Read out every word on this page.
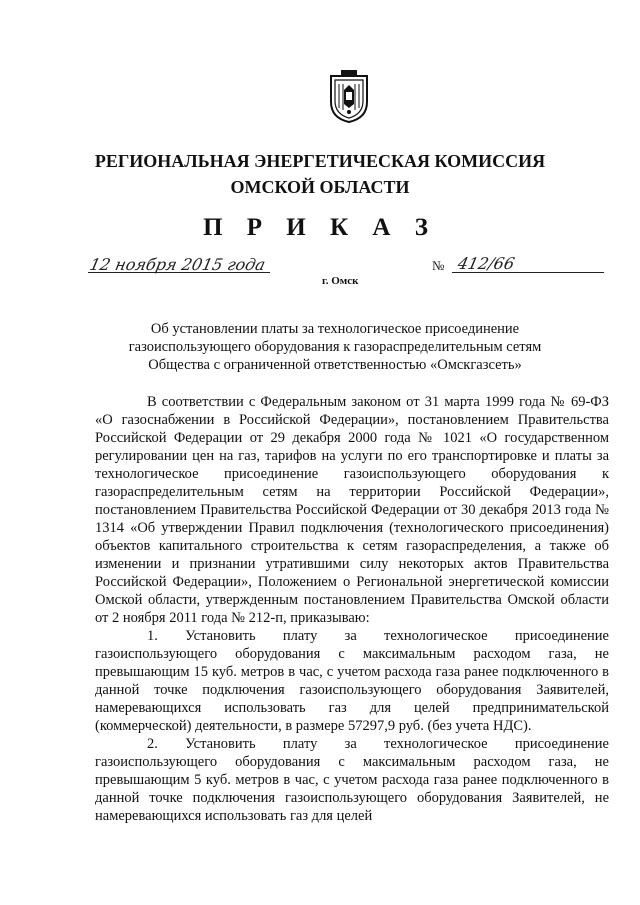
РЕГИОНАЛЬНАЯ ЭНЕРГЕТИЧЕСКАЯ КОМИССИЯ
ОМСКОЙ ОБЛАСТИ
П Р И К А З
12 ноября 2015 года	№ 412/66
г. Омск
Об установлении платы за технологическое присоединение
газоиспользующего оборудования к газораспределительным сетям
Общества с ограниченной ответственностью «Омскгазсеть»

В соответствии с Федеральным законом от 31 марта 1999 года № 69-ФЗ «О газоснабжении в Российской Федерации», постановлением Правительства Российской Федерации от 29 декабря 2000 года № 1021 «О государственном регулировании цен на газ, тарифов на услуги по его транспортировке и платы за технологическое присоединение газоиспользующего оборудования к газораспределительным сетям на территории Российской Федерации», постановлением Правительства Российской Федерации от 30 декабря 2013 года № 1314 «Об утверждении Правил подключения (технологического присоединения) объектов капитального строительства к сетям газораспределения, а также об изменении и признании утратившими силу некоторых актов Правительства Российской Федерации», Положением о Региональной энергетической комиссии Омской области, утвержденным постановлением Правительства Омской области от 2 ноября 2011 года № 212-п, приказываю:

1. Установить плату за технологическое присоединение газоиспользующего оборудования с максимальным расходом газа, не превышающим 15 куб. метров в час, с учетом расхода газа ранее подключенного в данной точке подключения газоиспользующего оборудования Заявителей, намеревающихся использовать газ для целей предпринимательской (коммерческой) деятельности, в размере 57297,9 руб. (без учета НДС).

2. Установить плату за технологическое присоединение газоиспользующего оборудования с максимальным расходом газа, не превышающим 5 куб. метров в час, с учетом расхода газа ранее подключенного в данной точке подключения газоиспользующего оборудования Заявителей, не намеревающихся использовать газ для целей
